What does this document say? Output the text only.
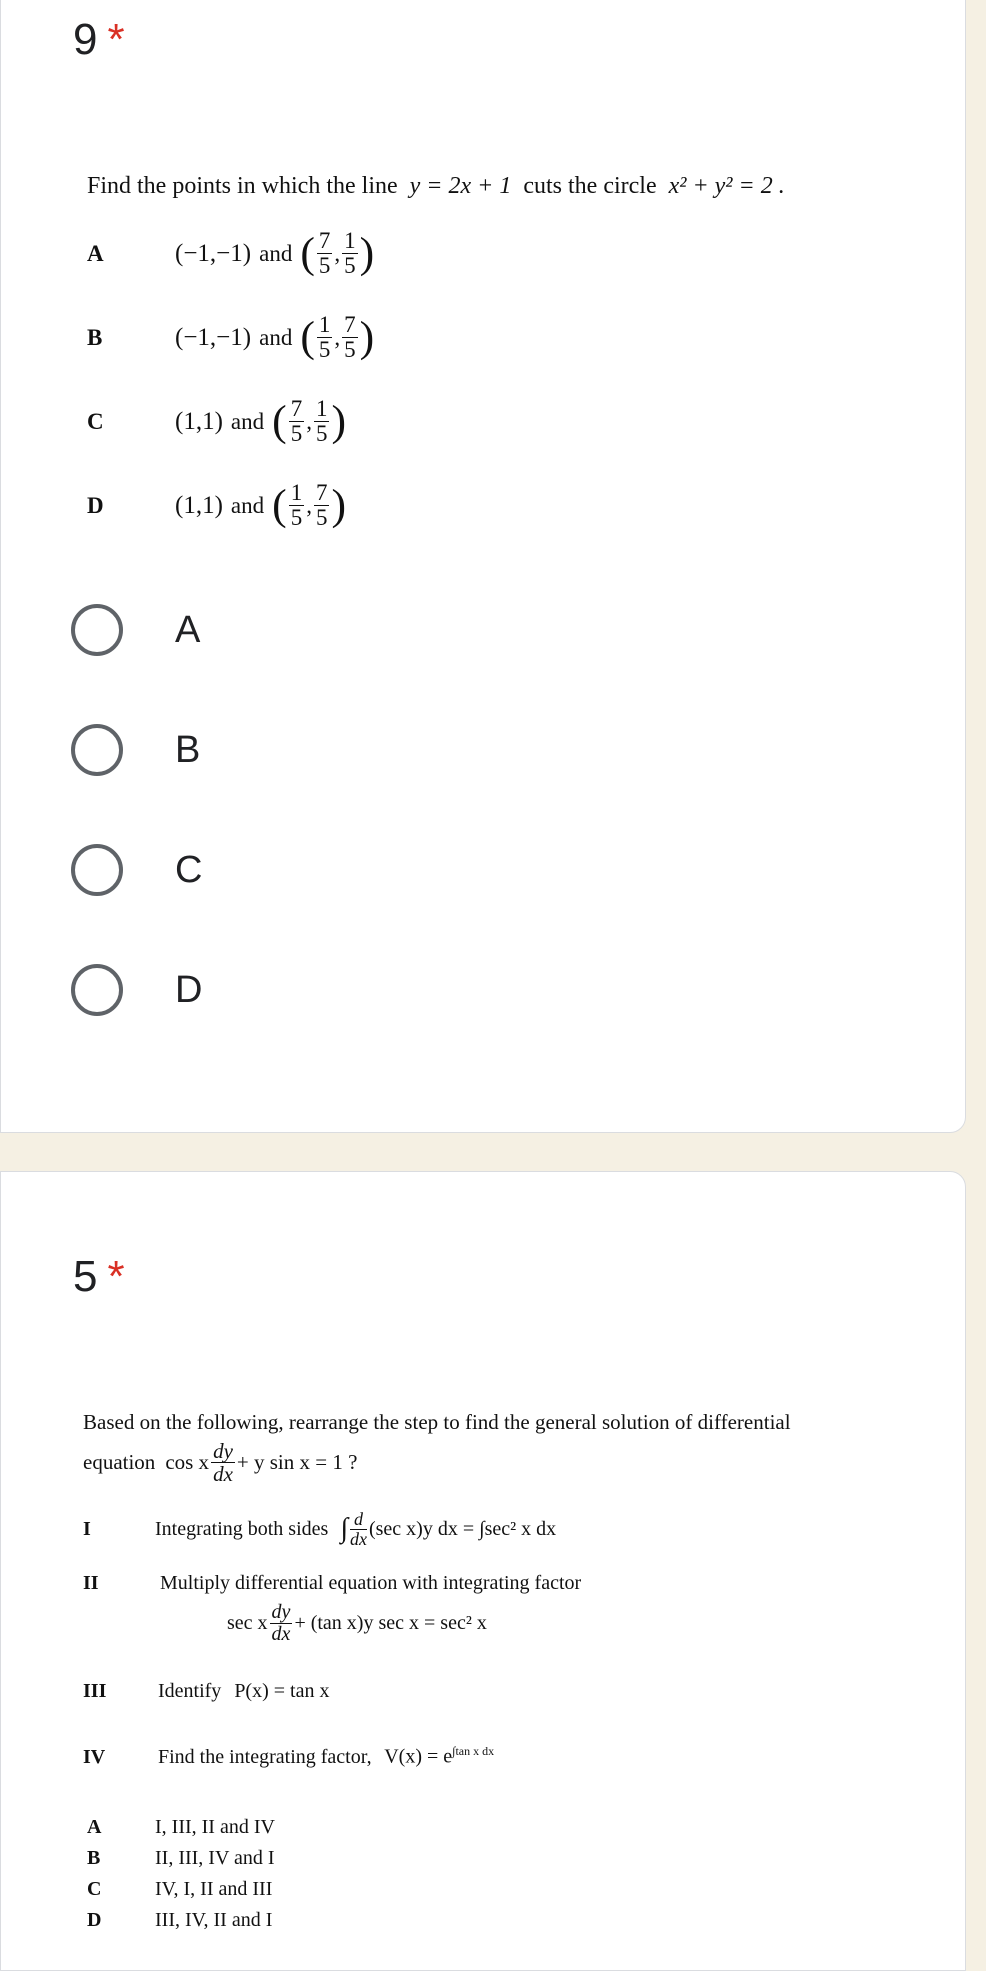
9 *
Find the points in which the line y = 2x + 1 cuts the circle x² + y² = 2 .
A	(−1,−1) and ( $\frac{7}{5}$ , $\frac{1}{5}$ )
B	(−1,−1) and ( $\frac{1}{5}$ , $\frac{7}{5}$ )
C	(1,1) and ( $\frac{7}{5}$ , $\frac{1}{5}$ )
D	(1,1) and ( $\frac{1}{5}$ , $\frac{7}{5}$ )
A
B
C
D
5 *
Based on the following, rearrange the step to find the general solution of differential
equation cos x $\frac{dy}{dx} + y$ sin x = 1 ?
I	Integrating both sides ∫ $\frac{d}{dx} (\sec$ x)y dx = ∫sec² x dx
II	Multiply differential equation with integrating factor
sec x $\frac{dy}{dx} + (\tan$ x)y sec x = sec² x
III	Identify P(x) = tan x
IV	Find the integrating factor, $V(x) = e^{\int tan x dx}$
A	I, III, II and IV
B	II, III, IV and I
C	IV, I, II and III
D	III, IV, II and I
